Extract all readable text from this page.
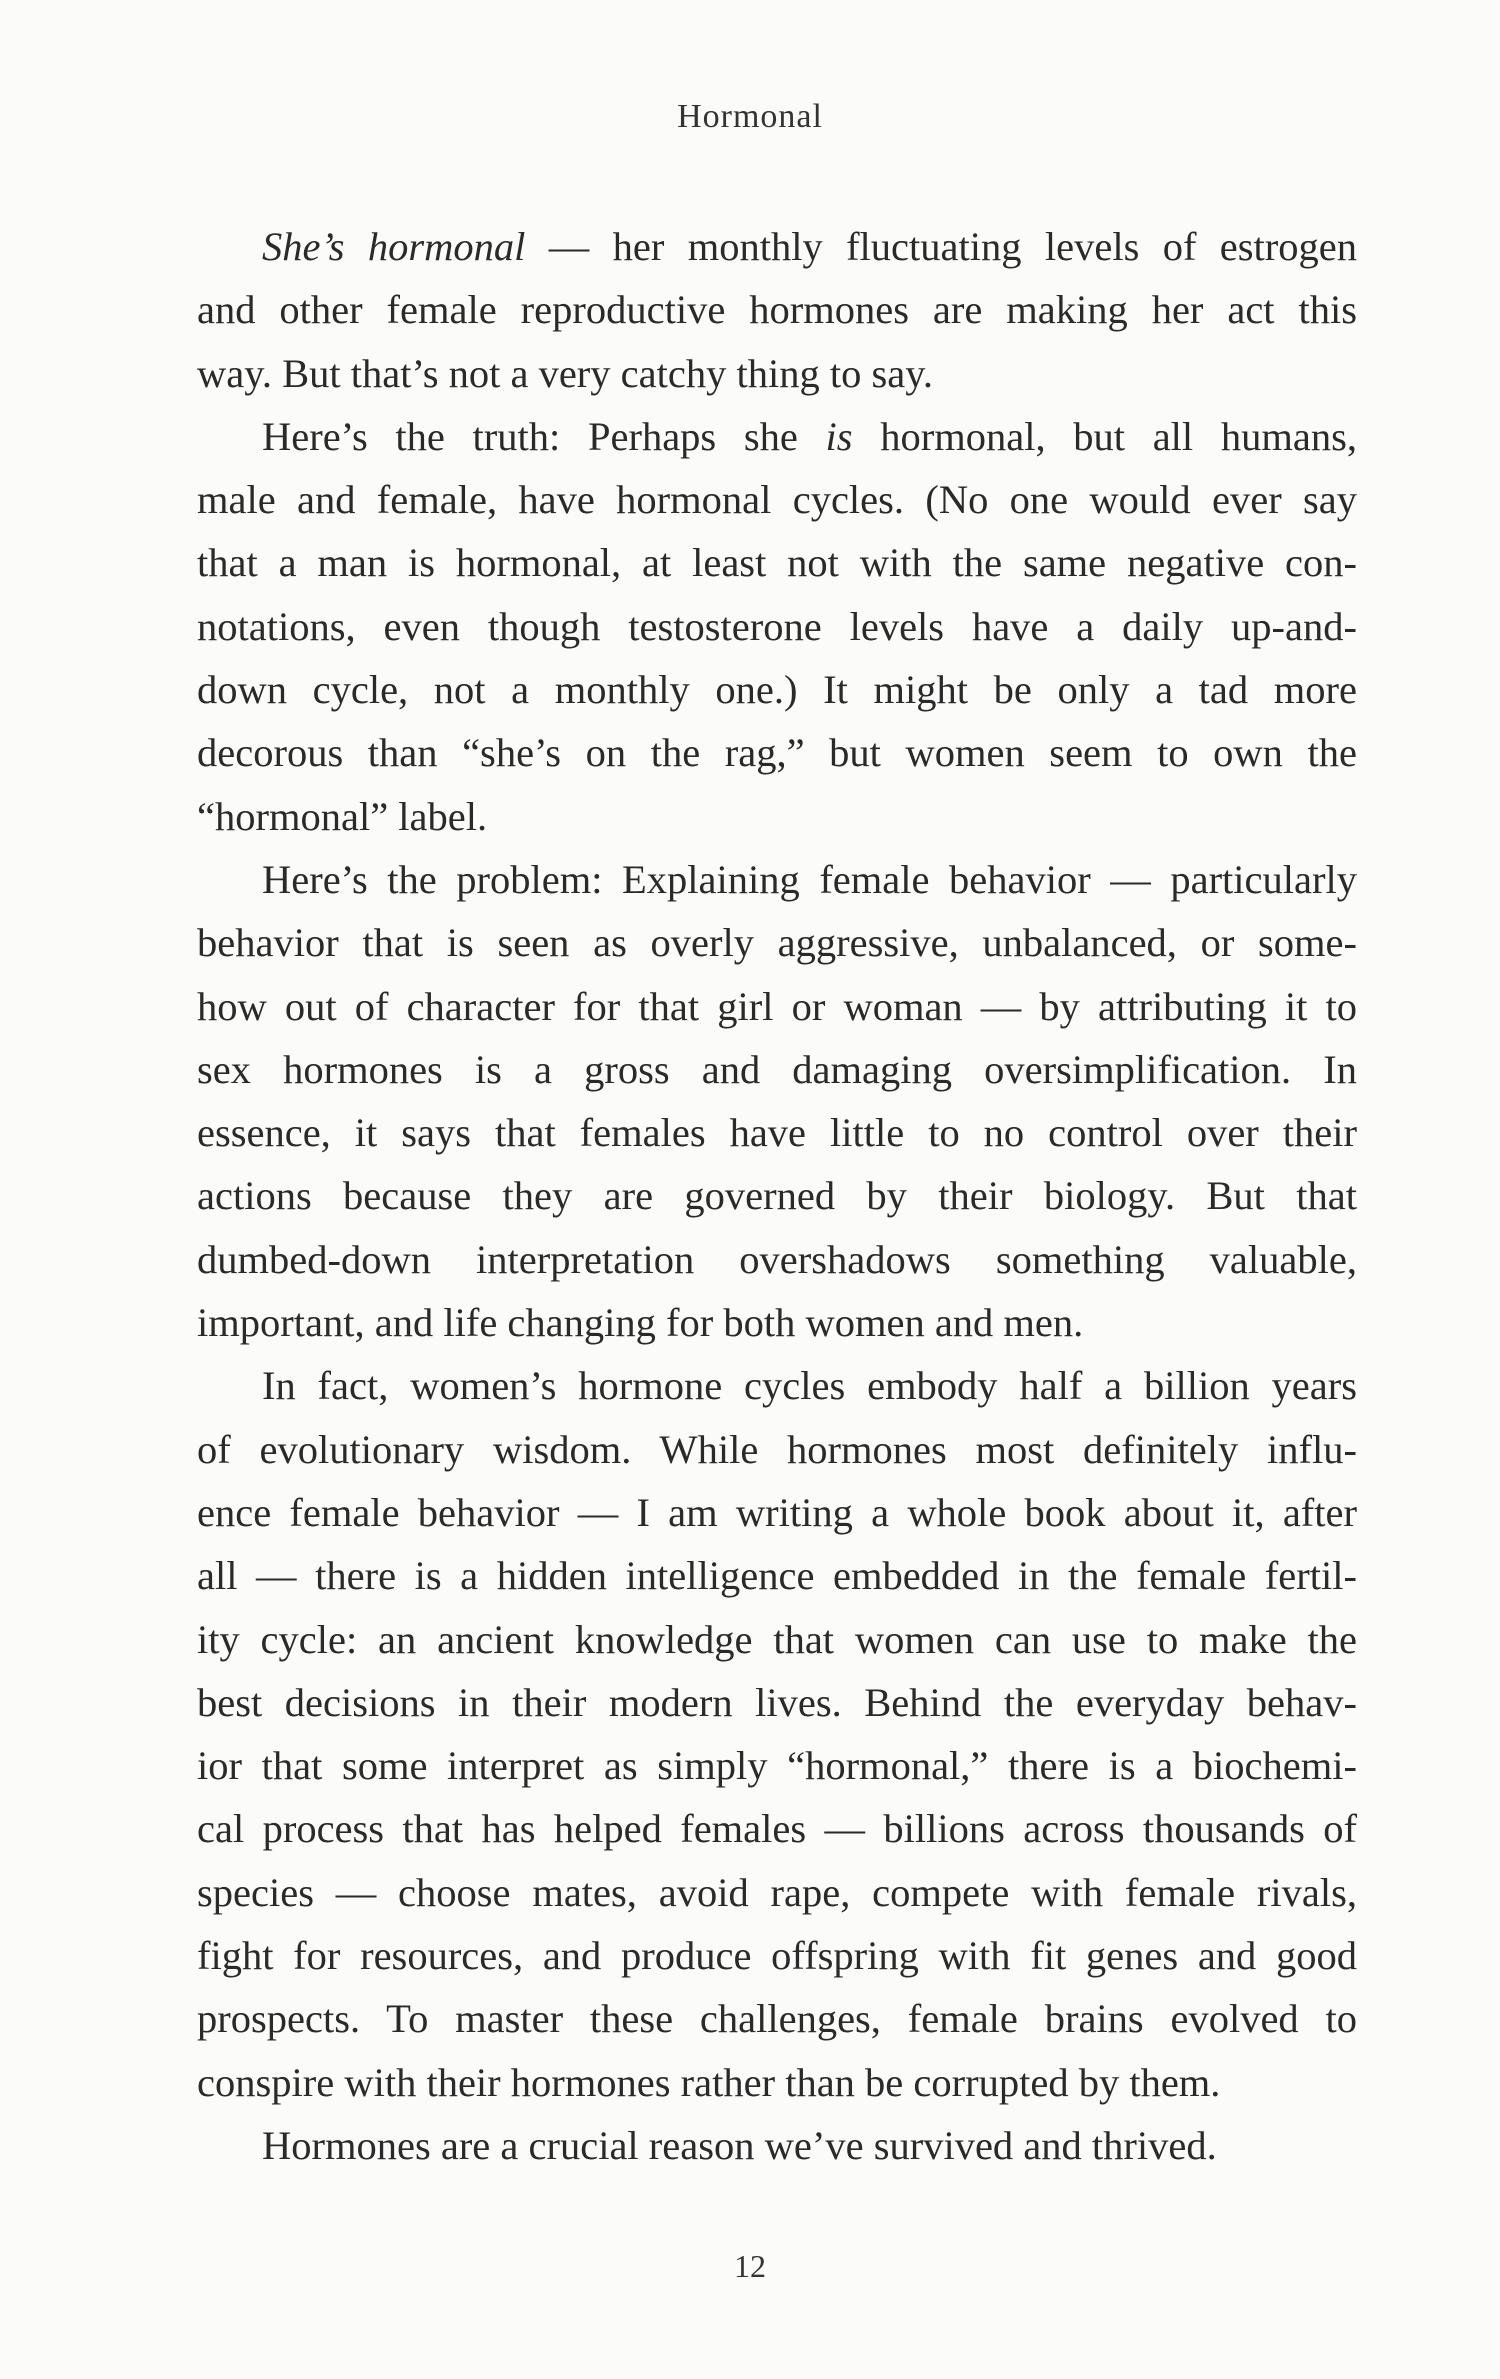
Hormonal
She’s hormonal — her monthly fluctuating levels of estrogen
and other female reproductive hormones are making her act this
way. But that’s not a very catchy thing to say.
Here’s the truth: Perhaps she is hormonal, but all humans,
male and female, have hormonal cycles. (No one would ever say
that a man is hormonal, at least not with the same negative con-
notations, even though testosterone levels have a daily up-and-
down cycle, not a monthly one.) It might be only a tad more
decorous than “she’s on the rag,” but women seem to own the
“hormonal” label.
Here’s the problem: Explaining female behavior — particularly
behavior that is seen as overly aggressive, unbalanced, or some-
how out of character for that girl or woman — by attributing it to
sex hormones is a gross and damaging oversimplification. In
essence, it says that females have little to no control over their
actions because they are governed by their biology. But that
dumbed-down interpretation overshadows something valuable,
important, and life changing for both women and men.
In fact, women’s hormone cycles embody half a billion years
of evolutionary wisdom. While hormones most definitely influ-
ence female behavior — I am writing a whole book about it, after
all — there is a hidden intelligence embedded in the female fertil-
ity cycle: an ancient knowledge that women can use to make the
best decisions in their modern lives. Behind the everyday behav-
ior that some interpret as simply “hormonal,” there is a biochemi-
cal process that has helped females — billions across thousands of
species — choose mates, avoid rape, compete with female rivals,
fight for resources, and produce offspring with fit genes and good
prospects. To master these challenges, female brains evolved to
conspire with their hormones rather than be corrupted by them.
Hormones are a crucial reason we’ve survived and thrived.
12
